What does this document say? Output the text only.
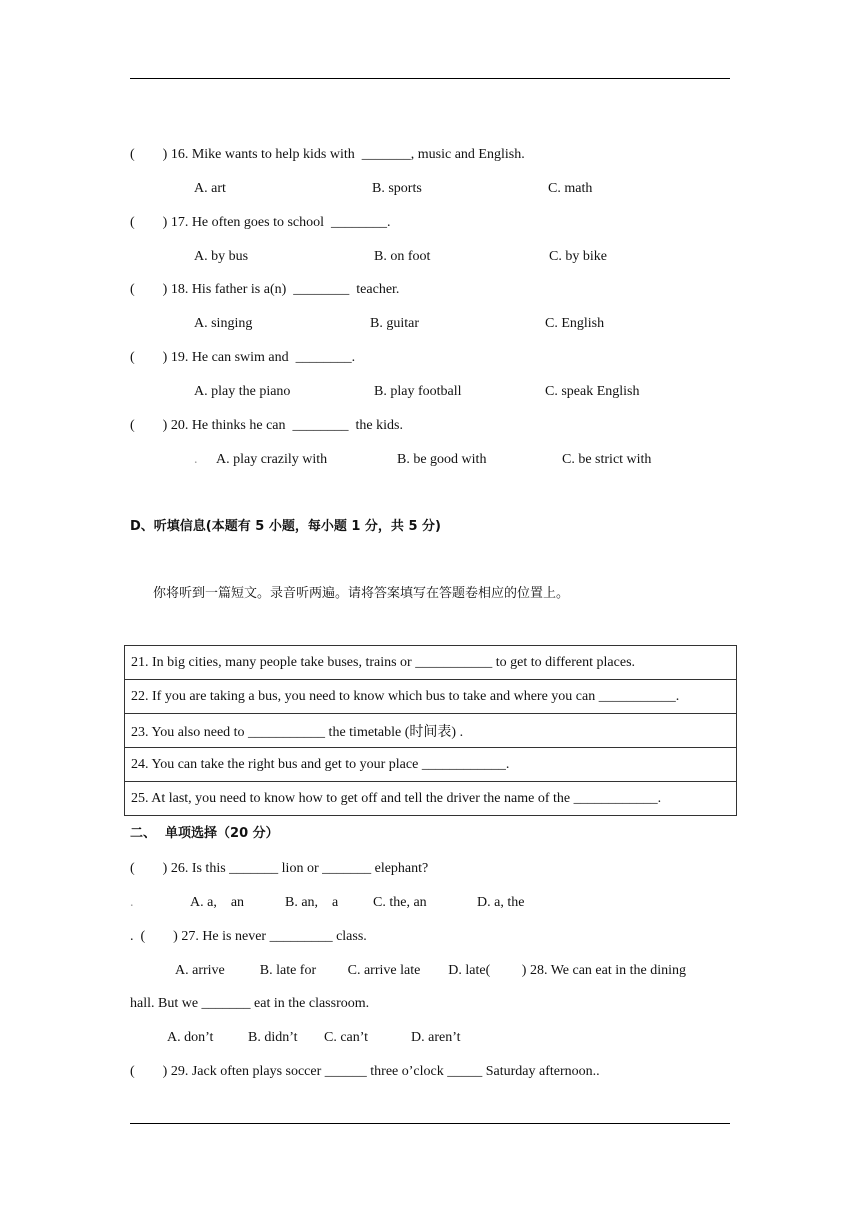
(        ) 16. Mike wants to help kids with  _______, music and English.
A. art	B. sports	C. math
(        ) 17. He often goes to school  ________.
A. by bus	B. on foot	C. by bike
(        ) 18. His father is a(n)  ________  teacher.
A. singing	B. guitar	C. English
(        ) 19. He can swim and  ________.
A. play the piano	B. play football	C. speak English
(        ) 20. He thinks he can  ________  the kids.
. A. play crazily with	B. be good with	C. be strict with
D、听填信息(本题有 5 小题，每小题 1 分，共 5 分)
你将听到一篇短文。录音听两遍。请将答案填写在答题卷相应的位置上。
21. In big cities, many people take buses, trains or ___________ to get to different places.
22. If you are taking a bus, you need to know which bus to take and where you can ___________.
23. You also need to ___________ the timetable (时间表) .
24. You can take the right bus and get to your place ____________.
25. At last, you need to know how to get off and tell the driver the name of the ____________.
二、  单项选择（20 分）
(        ) 26. Is this _______ lion or _______ elephant?
.	A. a,    an	B. an,    a C. the, an	D. a, the
.  (        ) 27. He is never _________ class.
A. arrive          B. late for         C. arrive late        D. late(         ) 28. We can eat in the dining
hall. But we _______ eat in the classroom.
A. don’t B. didn’t C. can’t	D. aren’t
(        ) 29. Jack often plays soccer ______ three o’clock _____ Saturday afternoon..
